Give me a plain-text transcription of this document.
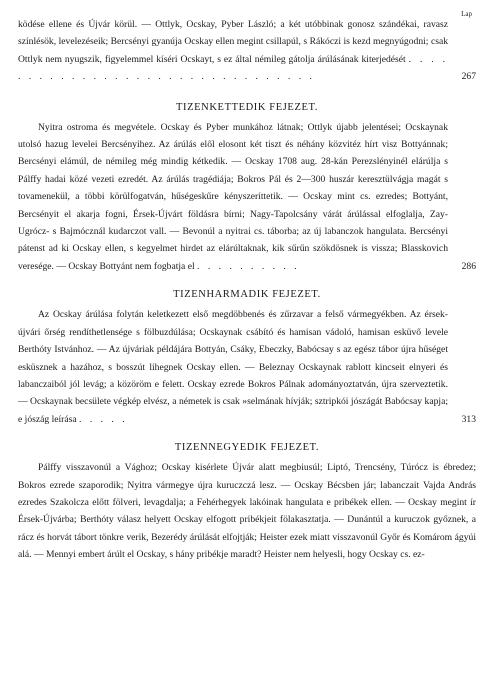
Lap

ködése ellene és Újvár körül. — Ottlyk, Ocskay, Pyber László; a két utóbbinak gonosz szándékai, ravasz színlésök, levelezéseik; Bercsényi gyanúja Ocskay ellen megint csillapúl, s Rákóczi is kezd megnyúgodni; csak Ottlyk nem nyugszik, figyelemmel kíséri Ocskayt, s ez által némileg gátolja árúlásának kiterjedését . . . . . . . . . . . . . . . . . . . . . . . . . . . . . . . .	267

TIZENKETTEDIK FEJEZET.

Nyitra ostroma és megvétele. Ocskay és Pyber munkához látnak; Ottlyk újabb jelentései; Ocskaynak utolsó hazug levelei Bercsényihez. Az árúlás elől elosont két tiszt és néhány közvitéz hírt visz Bottyánnak; Bercsényi elámúl, de némileg még mindig kétkedik. — Ocskay 1708 aug. 28-kán Perezslényinél elárúlja s Pálffy hadai közé vezeti ezredét. Az árúlás tragédiája; Bokros Pál és 2—300 huszár keresztülvágja magát s tovamenekül, a többi körülfogatván, hűségeskűre kényszeríttetik. — Ocskay mint cs. ezredes; Bottyánt, Bercsényit el akarja fogni, Érsek-Újvárt földásra bírni; Nagy-Tapolcsány várát árúlással elfoglalja, Zay-Ugrócz- s Bajmócznál kudarczot vall. — Bevonúl a nyitrai cs. táborba; az új labanczok hangulata. Bercsényi pátenst ad ki Ocskay ellen, s kegyelmet hirdet az elárúltaknak, kik sűrűn szökdösnek is vissza; Blasskovich veresége. — Ocskay Bottyánt nem fogbatja el . . . . . . . . . .	286

TIZENHARMADIK FEJEZET.

Az Ocskay árúlása folytán keletkezett első megdöbbenés és zűrzavar a felső vármegyékben. Az érsek-újvári őrség rendíthetlensége s fölbuzdúlása; Ocskaynak csábító és hamisan vádoló, hamisan esküvő levele Berthóty Istvánhoz. — Az újváriak példájára Bottyán, Csáky, Ebeczky, Babócsay s az egész tábor újra hűséget esküsznek a hazához, s bosszút lihegnek Ocskay ellen. — Beleznay Ocskaynak rablott kincseit elnyeri és labanczaiból jól levág; a közöröm e felett. Ocskay ezrede Bokros Pálnak adományoztatván, újra szerveztetik. — Ocskaynak becsülete végkép elvész, a németek is csak »selmának hívják; sztripkói jószágát Babócsay kapja; e jószág leírása . . . . .	313

TIZENNEGYEDIK FEJEZET.

Pálffy visszavonúl a Vághoz; Ocskay kisérlete Újvár alatt megbiusúl; Liptó, Trencsény, Túrócz is ébredez; Bokros ezrede szaporodik; Nyitra vármegye újra kuruczczá lesz. — Ocskay Bécsben jár; labanczait Vajda András ezredes Szakolcza előtt fölveri, levagdalja; a Fehérhegyek lakóinak hangulata e pribékek ellen. — Ocskay megint ír Érsek-Újvárba; Berthóty válasz helyett Ocskay elfogott pribékjeit fölakasztatja. — Dunántúl a kuruczok győznek, a rácz és horvát tábort tönkre verik, Bezerédy árúlását elfojtják; Heister ezek miatt visszavonúl Győr és Komárom ágyúi alá. — Mennyi embert árúlt el Ocskay, s hány pribékje maradt? Heister nem helyesli, hogy Ocskay cs. ez-
